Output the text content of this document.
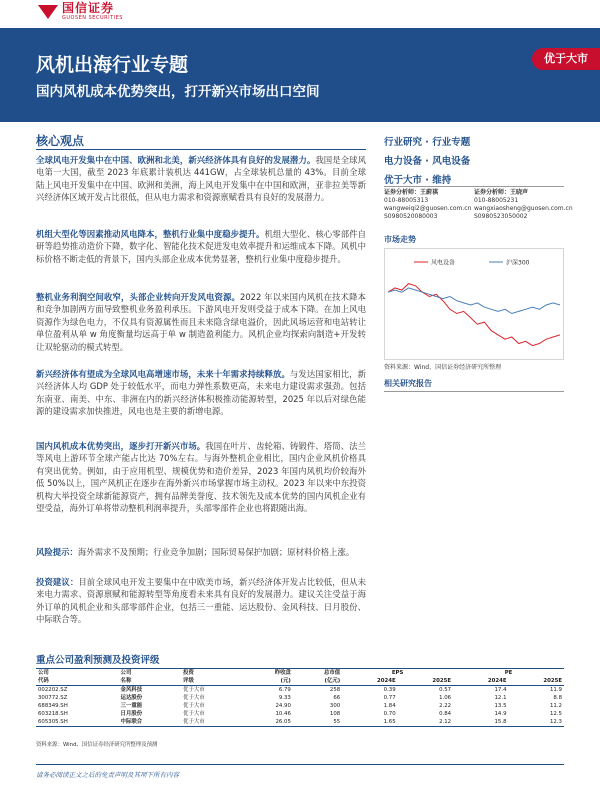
国信证券
GUOSEN SECURITIES
风机出海行业专题
国内风机成本优势突出，打开新兴市场出口空间
优于大市
核心观点
全球风电开发集中在中国、欧洲和北美，新兴经济体具有良好的发展潜力。我国是全球风电第一大国，截至 2023 年底累计装机达 441GW，占全球装机总量的 43%。目前全球陆上风电开发集中在中国、欧洲和美洲，海上风电开发集中在中国和欧洲，亚非拉美等新兴经济体区域开发占比很低，但从电力需求和资源禀赋看具有良好的发展潜力。
机组大型化等因素推动风电降本，整机行业集中度稳步提升。机组大型化、核心零部件自研等趋势推动造价下降，数字化、智能化技术促进发电效率提升和运维成本下降。风机中标价格不断走低的背景下，国内头部企业成本优势显著，整机行业集中度稳步提升。
整机业务利润空间收窄，头部企业转向开发风电资源。2022 年以来国内风机在技术降本和竞争加剧两方面导致整机业务盈利承压。下游风电开发则受益于成本下降。在加上风电资源作为绿色电力，不仅具有资源属性而且未来隐含绿电溢价，因此风场运营和电站转让单位盈利从单 w 角度衡量均远高于单 w 制造盈利能力。风机企业均探索向制造+开发转让双轮驱动的模式转型。
新兴经济体有望成为全球风电高增速市场，未来十年需求持续释放。与发达国家相比，新兴经济体人均 GDP 处于较低水平，而电力弹性系数更高，未来电力建设需求强劲。包括东南亚、南美、中东、非洲在内的新兴经济体积极推动能源转型，2025 年以后对绿色能源的建设需求加快推进，风电也是主要的新增电源。
国内风机成本优势突出，逐步打开新兴市场。我国在叶片、齿轮箱、铸锻件、塔筒、法兰等风电上游环节全球产能占比达 70%左右。与海外整机企业相比，国内企业风机价格具有突出优势。例如，由于应用机型、规模优势和造价差异，2023 年国内风机均价较海外低 50%以上，国产风机正在逐步在海外新兴市场掌握市场主动权。2023 年以来中东投资机构大举投资全球新能源资产，拥有品牌美誉度、技术领先及成本优势的国内风机企业有望受益，海外订单将带动整机利润率提升，头部零部件企业也将跟随出海。
风险提示：海外需求不及预期；行业竞争加剧；国际贸易保护加剧；原材料价格上涨。
投资建议：目前全球风电开发主要集中在中欧美市场，新兴经济体开发占比较低，但从未来电力需求、资源禀赋和能源转型等角度看未来具有良好的发展潜力。建议关注受益于海外订单的风机企业和头部零部件企业，包括三一重能、运达股份、金风科技、日月股份、中际联合等。
行业研究 · 行业专题
电力设备 · 风电设备
优于大市 · 维持
证券分析师：王蔚祺
010-88005313
wangweiqi2@guosen.com.cn
S0980520080003
证券分析师：王晓声
010-88005231
wangxiaosheng@guosen.com.cn
S0980523050002
市场走势
风电设备	沪深300
资料来源：Wind、国信证券经济研究所整理
相关研究报告
重点公司盈利预测及投资评级
公司	公司	投资	昨收盘	总市值	EPS		PE	
代码	名称	评级	(元)	(亿元)	2024E	2025E	2024E	2025E
002202.SZ	金风科技	优于大市	6.79	258	0.39	0.57	17.4	11.9
300772.SZ	运达股份	优于大市	9.33	66	0.77	1.06	12.1	8.8
688349.SH	三一重能	优于大市	24.90	300	1.84	2.22	13.5	11.2
603218.SH	日月股份	优于大市	10.46	108	0.70	0.84	14.9	12.5
605305.SH	中际联合	优于大市	26.05	55	1.65	2.12	15.8	12.3
资料来源：Wind、国信证券经济研究所整理及预测
请务必阅读正文之后的免责声明及其项下所有内容
